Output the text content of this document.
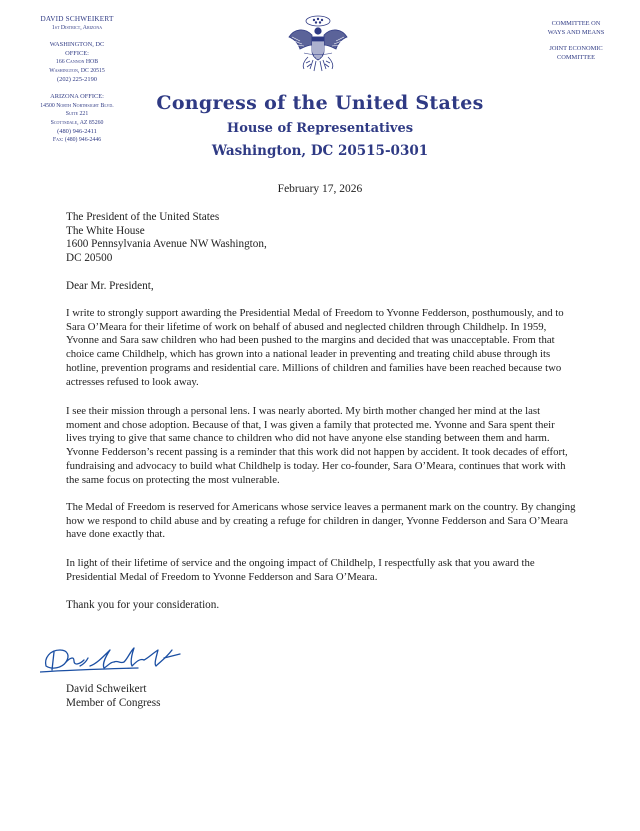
DAVID SCHWEIKERT
1st District, Arizona
WASHINGTON, DC
OFFICE:
166 Cannon HOB
Washington, DC 20515
(202) 225-2190
ARIZONA OFFICE:
14500 North Northsight Blvd.
Suite 221
Scottsdale, AZ 85260
(480) 946-2411
Fax: (480) 946-2446
COMMITTEE ON
WAYS AND MEANS
JOINT ECONOMIC
COMMITTEE
Congress of the United States
House of Representatives
Washington, DC 20515-0301
February 17, 2026
The President of the United States
The White House
1600 Pennsylvania Avenue NW Washington,
DC 20500
Dear Mr. President,

I write to strongly support awarding the Presidential Medal of Freedom to Yvonne Fedderson, posthumously, and to Sara O’Meara for their lifetime of work on behalf of abused and neglected children through Childhelp. In 1959, Yvonne and Sara saw children who had been pushed to the margins and decided that was unacceptable. From that choice came Childhelp, which has grown into a national leader in preventing and treating child abuse through its hotline, prevention programs and residential care. Millions of children and families have been reached because two actresses refused to look away.

I see their mission through a personal lens. I was nearly aborted. My birth mother changed her mind at the last moment and chose adoption. Because of that, I was given a family that protected me. Yvonne and Sara spent their lives trying to give that same chance to children who did not have anyone else standing between them and harm. Yvonne Fedderson’s recent passing is a reminder that this work did not happen by accident. It took decades of effort, fundraising and advocacy to build what Childhelp is today. Her co-founder, Sara O’Meara, continues that work with the same focus on protecting the most vulnerable.

The Medal of Freedom is reserved for Americans whose service leaves a permanent mark on the country. By changing how we respond to child abuse and by creating a refuge for children in danger, Yvonne Fedderson and Sara O’Meara have done exactly that.

In light of their lifetime of service and the ongoing impact of Childhelp, I respectfully ask that you award the Presidential Medal of Freedom to Yvonne Fedderson and Sara O’Meara.

Thank you for your consideration.
David Schweikert
Member of Congress
